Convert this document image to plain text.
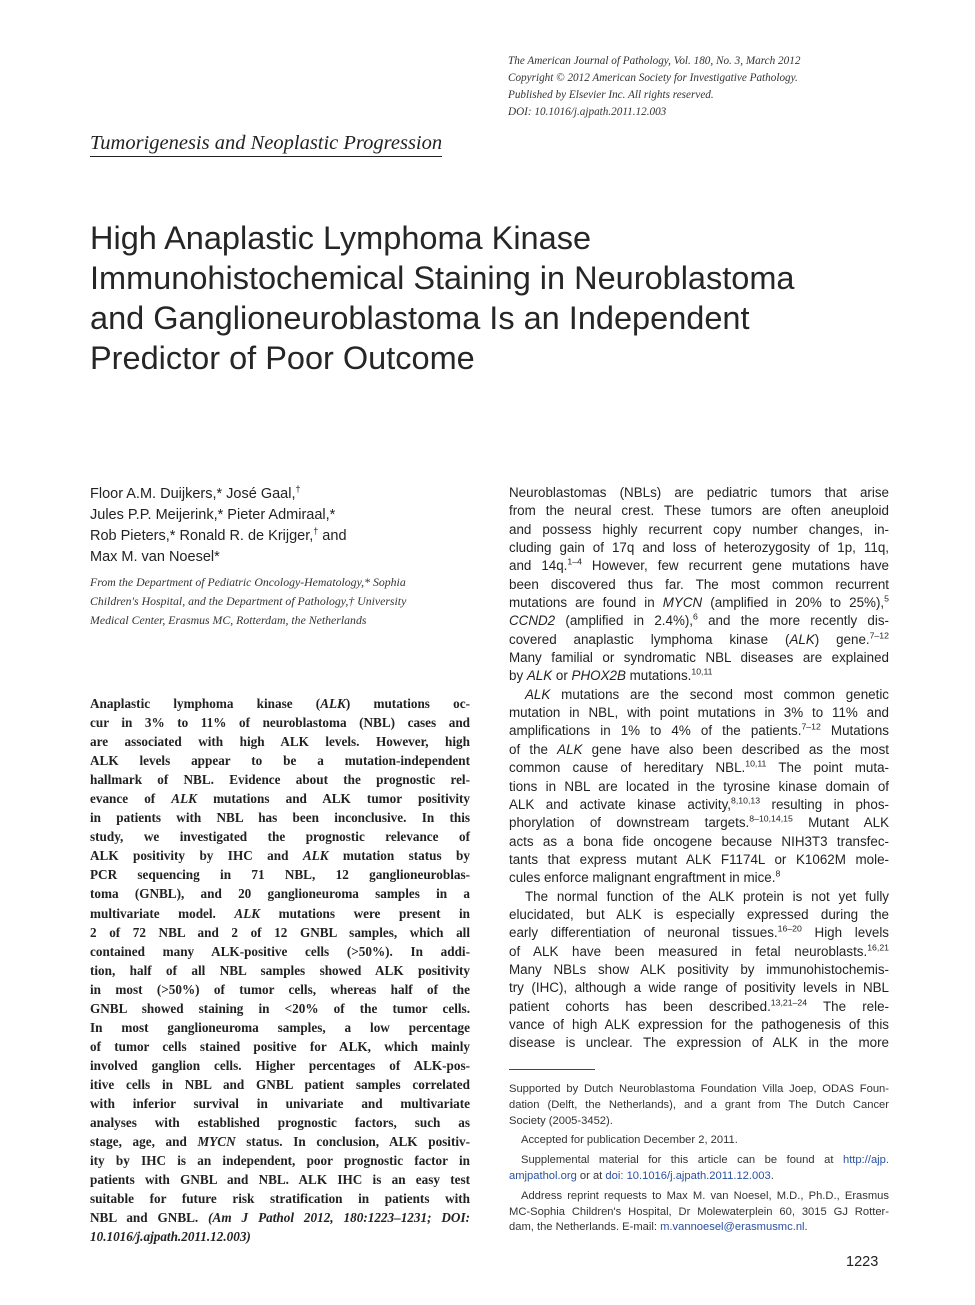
The American Journal of Pathology, Vol. 180, No. 3, March 2012
Copyright © 2012 American Society for Investigative Pathology.
Published by Elsevier Inc. All rights reserved.
DOI: 10.1016/j.ajpath.2011.12.003
Tumorigenesis and Neoplastic Progression
High Anaplastic Lymphoma Kinase
Immunohistochemical Staining in Neuroblastoma
and Ganglioneuroblastoma Is an Independent
Predictor of Poor Outcome
Floor A.M. Duijkers,* José Gaal,†
Jules P.P. Meijerink,* Pieter Admiraal,*
Rob Pieters,* Ronald R. de Krijger,† and
Max M. van Noesel*
From the Department of Pediatric Oncology-Hematology,* Sophia
Children's Hospital, and the Department of Pathology,† University
Medical Center, Erasmus MC, Rotterdam, the Netherlands
Anaplastic lymphoma kinase (ALK) mutations oc-
cur in 3% to 11% of neuroblastoma (NBL) cases and
are associated with high ALK levels. However, high
ALK levels appear to be a mutation-independent
hallmark of NBL. Evidence about the prognostic rel-
evance of ALK mutations and ALK tumor positivity
in patients with NBL has been inconclusive. In this
study, we investigated the prognostic relevance of
ALK positivity by IHC and ALK mutation status by
PCR sequencing in 71 NBL, 12 ganglioneuroblas-
toma (GNBL), and 20 ganglioneuroma samples in a
multivariate model. ALK mutations were present in
2 of 72 NBL and 2 of 12 GNBL samples, which all
contained many ALK-positive cells (>50%). In addi-
tion, half of all NBL samples showed ALK positivity
in most (>50%) of tumor cells, whereas half of the
GNBL showed staining in <20% of the tumor cells.
In most ganglioneuroma samples, a low percentage
of tumor cells stained positive for ALK, which mainly
involved ganglion cells. Higher percentages of ALK-pos-
itive cells in NBL and GNBL patient samples correlated
with inferior survival in univariate and multivariate
analyses with established prognostic factors, such as
stage, age, and MYCN status. In conclusion, ALK positiv-
ity by IHC is an independent, poor prognostic factor in
patients with GNBL and NBL. ALK IHC is an easy test
suitable for future risk stratification in patients with
NBL and GNBL. (Am J Pathol 2012, 180:1223–1231; DOI:
10.1016/j.ajpath.2011.12.003)
Neuroblastomas (NBLs) are pediatric tumors that arise
from the neural crest. These tumors are often aneuploid
and possess highly recurrent copy number changes, in-
cluding gain of 17q and loss of heterozygosity of 1p, 11q,
and 14q.$^{1-4}$ However, few recurrent gene mutations have
been discovered thus far. The most common recurrent
mutations are found in MYCN (amplified in 20% to 25%),$^5$
CCND2 (amplified in 2.4%),$^6$ and the more recently dis-
covered anaplastic lymphoma kinase (ALK) gene.$^{7-12}$
Many familial or syndromatic NBL diseases are explained
by ALK or PHOX2B mutations.$^{10,11}$
ALK mutations are the second most common genetic
mutation in NBL, with point mutations in 3% to 11% and
amplifications in 1% to 4% of the patients.$^{7-12}$ Mutations
of the ALK gene have also been described as the most
common cause of hereditary NBL.$^{10,11}$ The point muta-
tions in NBL are located in the tyrosine kinase domain of
ALK and activate kinase activity,$^{8,10,13}$ resulting in phos-
phorylation of downstream targets.$^{8-10,14,15}$ Mutant ALK
acts as a bona fide oncogene because NIH3T3 transfec-
tants that express mutant ALK F1174L or K1062M mole-
cules enforce malignant engraftment in mice.$^8$
The normal function of the ALK protein is not yet fully
elucidated, but ALK is especially expressed during the
early differentiation of neuronal tissues.$^{16-20}$ High levels
of ALK have been measured in fetal neuroblasts.$^{16,21}$
Many NBLs show ALK positivity by immunohistochemis-
try (IHC), although a wide range of positivity levels in NBL
patient cohorts has been described.$^{13,21-24}$ The rele-
vance of high ALK expression for the pathogenesis of this
disease is unclear. The expression of ALK in the more
Supported by Dutch Neuroblastoma Foundation Villa Joep, ODAS Foun-
dation (Delft, the Netherlands), and a grant from The Dutch Cancer
Society (2005-3452).
Accepted for publication December 2, 2011.
Supplemental material for this article can be found at http://ajp.
amjpathol.org or at doi: 10.1016/j.ajpath.2011.12.003.
Address reprint requests to Max M. van Noesel, M.D., Ph.D., Erasmus
MC-Sophia Children's Hospital, Dr Molewaterplein 60, 3015 GJ Rotter-
dam, the Netherlands. E-mail: m.vannoesel@erasmusmc.nl.
1223
